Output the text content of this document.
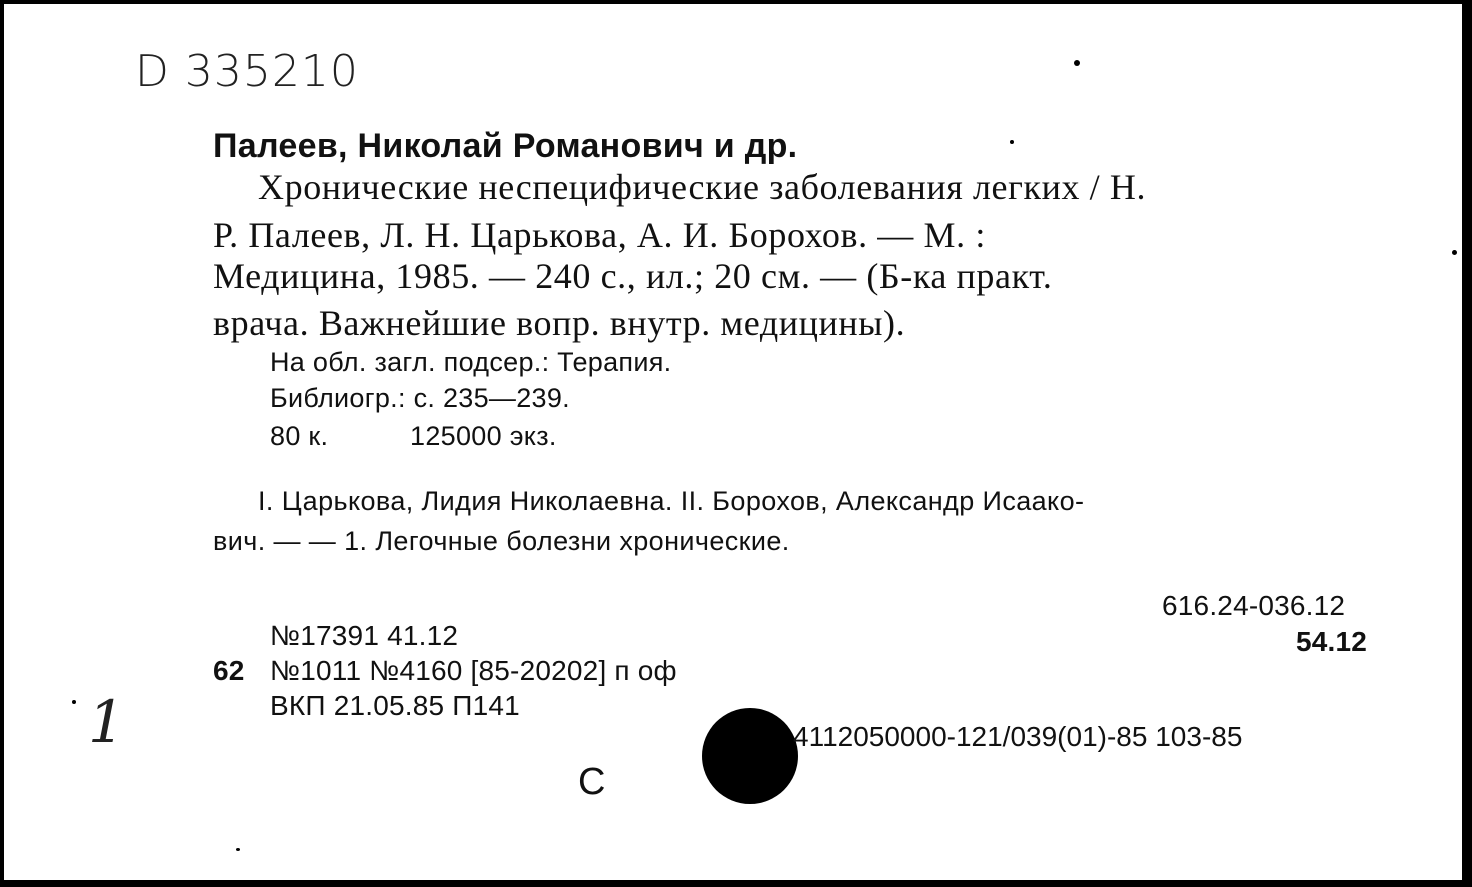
D 335210
Палеев, Николай Романович и др.
Хронические неспецифические заболевания легких / Н.
Р. Палеев, Л. Н. Царькова, А. И. Борохов. — М. :
Медицина, 1985. — 240 с., ил.; 20 см. — (Б-ка практ.
врача. Важнейшие вопр. внутр. медицины).
На обл. загл. подсер.: Терапия.
Библиогр.: с. 235—239.
80 к.	125000 экз.
I. Царькова, Лидия Николаевна. II. Борохов, Александр Исаако-
вич. — — 1. Легочные болезни хронические.
616.24-036.12
54.12
№17391 41.12
62 №1011 №4160 [85-20202] п оф
ВКП 21.05.85 П141
4112050000-121/039(01)-85 103-85
С
1
